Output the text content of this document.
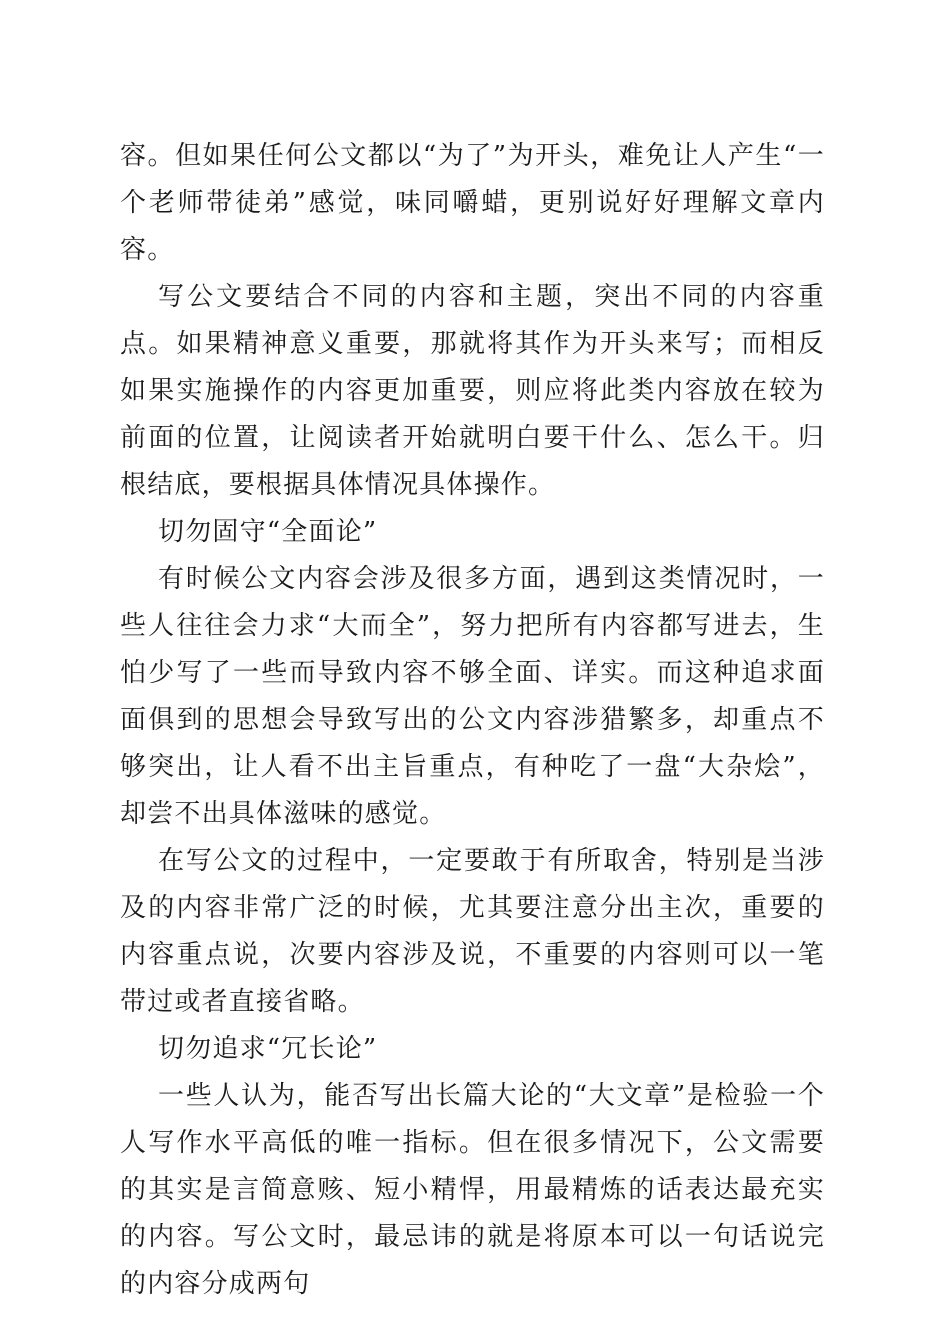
容。但如果任何公文都以“为了”为开头，难免让人产生“一个老师带徒弟”感觉，味同嚼蜡，更别说好好理解文章内容。

写公文要结合不同的内容和主题，突出不同的内容重点。如果精神意义重要，那就将其作为开头来写；而相反如果实施操作的内容更加重要，则应将此类内容放在较为前面的位置，让阅读者开始就明白要干什么、怎么干。归根结底，要根据具体情况具体操作。

切勿固守“全面论”

有时候公文内容会涉及很多方面，遇到这类情况时，一些人往往会力求“大而全”，努力把所有内容都写进去，生怕少写了一些而导致内容不够全面、详实。而这种追求面面俱到的思想会导致写出的公文内容涉猎繁多，却重点不够突出，让人看不出主旨重点，有种吃了一盘“大杂烩”，却尝不出具体滋味的感觉。

在写公文的过程中，一定要敢于有所取舍，特别是当涉及的内容非常广泛的时候，尤其要注意分出主次，重要的内容重点说，次要内容涉及说，不重要的内容则可以一笔带过或者直接省略。

切勿追求“冗长论”

一些人认为，能否写出长篇大论的“大文章”是检验一个人写作水平高低的唯一指标。但在很多情况下，公文需要的其实是言简意赅、短小精悍，用最精炼的话表达最充实的内容。写公文时，最忌讳的就是将原本可以一句话说完的内容分成两句
